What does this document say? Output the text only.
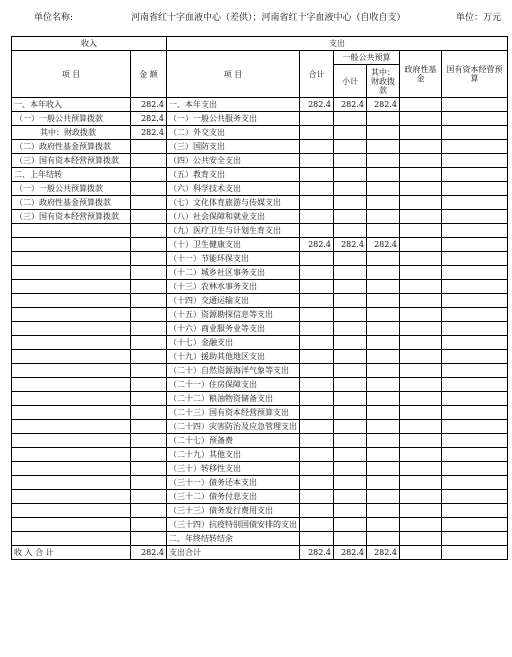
单位名称:	河南省红十字血液中心（差供）；河南省红十字血液中心（自收自支）	单位：万元
收入		支出					
项 目	金 额	项 目	合计	一般公共预算		政府性基金	国有资本经营预算
				小计	其中：财政拨款		
一、本年收入	282.4	一、本年支出	282.4	282.4	282.4		
（一）一般公共预算拨款	282.4	（一）一般公共服务支出					
其中：财政拨款	282.4	（二）外交支出					
（二）政府性基金预算拨款		（三）国防支出					
（三）国有资本经营预算拨款		（四）公共安全支出					
二、上年结转		（五）教育支出					
（一）一般公共预算拨款		（六）科学技术支出					
（二）政府性基金预算拨款		（七）文化体育旅游与传媒支出					
（三）国有资本经营预算拨款		（八）社会保障和就业支出					
		（九）医疗卫生与计划生育支出					
		（十）卫生健康支出	282.4	282.4	282.4		
		（十一）节能环保支出					
		（十二）城乡社区事务支出					
		（十三）农林水事务支出					
		（十四）交通运输支出					
		（十五）资源勘探信息等支出					
		（十六）商业服务业等支出					
		（十七）金融支出					
		（十九）援助其他地区支出					
		（二十）自然资源海洋气象等支出					
		（二十一）住房保障支出					
		（二十二）粮油物资储备支出					
		（二十三）国有资本经营预算支出					
		（二十四）灾害防治及应急管理支出					
		（二十七）预备费					
		（二十九）其他支出					
		（三十）转移性支出					
		（三十一）债务还本支出					
		（三十二）债务付息支出					
		（三十三）债务发行费用支出					
		（三十四）抗疫特别国债安排的支出					
		二、年终结转结余					
收 入 合 计	282.4	支出合计	282.4	282.4	282.4		
